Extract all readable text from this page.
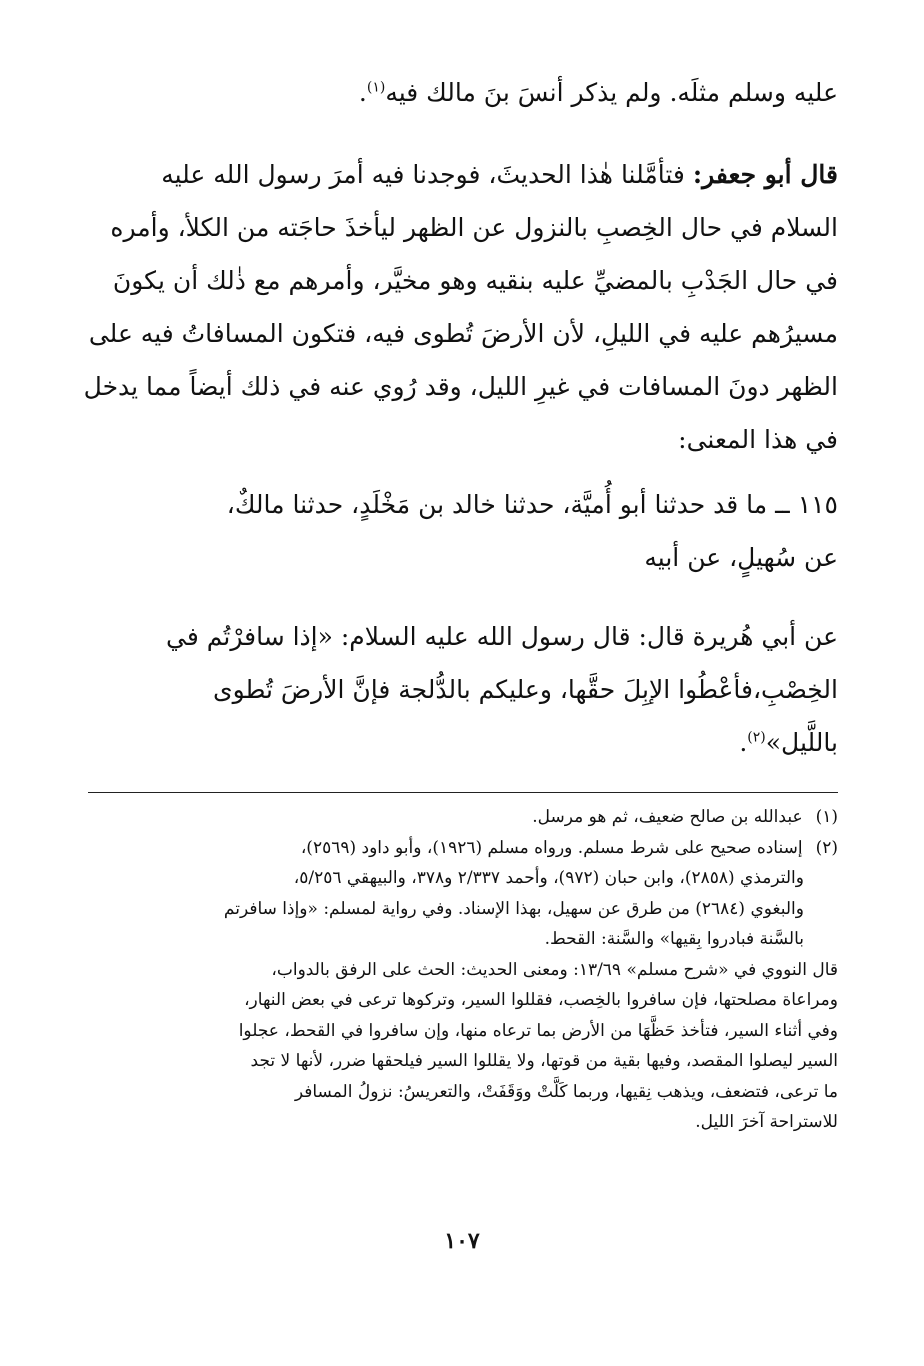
عليه وسلم مثلَه. ولم يذكر أنسَ بنَ مالك فيه$^{(١)}$.
قال أبو جعفر: فتأمَّلنا هٰذا الحديثَ، فوجدنا فيه أمرَ رسول الله عليه
السلام في حال الخِصبِ بالنزول عن الظهر ليأخذَ حاجَته من الكلأ، وأمره
في حال الجَدْبِ بالمضيِّ عليه بنقيه وهو مخيَّر، وأمرهم مع ذٰلك أن يكونَ
مسيرُهم عليه في الليلِ، لأن الأرضَ تُطوى فيه، فتكون المسافاتُ فيه على
الظهر دونَ المسافات في غيرِ الليل، وقد رُوي عنه في ذلك أيضاً مما يدخل
في هذا المعنى:
١١٥ ــ ما قد حدثنا أبو أُميَّة، حدثنا خالد بن مَخْلَدٍ، حدثنا مالكٌ،
عن سُهيلٍ، عن أبيه
عن أبي هُريرة قال: قال رسول الله عليه السلام: «إذا سافرْتُم في
الخِصْبِ،فأعْطُوا الإبِلَ حقَّها، وعليكم بالدُّلجة فإنَّ الأرضَ تُطوى
باللَّيل»$^{(٢)}$.
(١) عبدالله بن صالح ضعيف، ثم هو مرسل.
(٢) إسناده صحيح على شرط مسلم. ورواه مسلم (١٩٢٦)، وأبو داود (٢٥٦٩)،
والترمذي (٢٨٥٨)، وابن حبان (٩٧٢)، وأحمد ٢/٣٣٧ و٣٧٨، والبيهقي ٥/٢٥٦،
والبغوي (٢٦٨٤) من طرق عن سهيل، بهذا الإسناد. وفي رواية لمسلم: «وإذا سافرتم
بالسَّنة فبادروا بِقيها» والسَّنة: القحط.
قال النووي في «شرح مسلم» ١٣/٦٩: ومعنى الحديث: الحث على الرفق بالدواب،
ومراعاة مصلحتها، فإن سافروا بالخِصب، فقللوا السير، وتركوها ترعى في بعض النهار،
وفي أثناء السير، فتأخذ حَظَّهَا من الأرض بما ترعاه منها، وإن سافروا في القحط، عجلوا
السير ليصلوا المقصد، وفيها بقية من قوتها، ولا يقللوا السير فيلحقها ضرر، لأنها لا تجد
ما ترعى، فتضعف، ويذهب نِقيها، وربما كَلَّتْ ووَقَفَتْ، والتعريسُ: نزولُ المسافر
للاستراحة آخرَ الليل.
١٠٧
